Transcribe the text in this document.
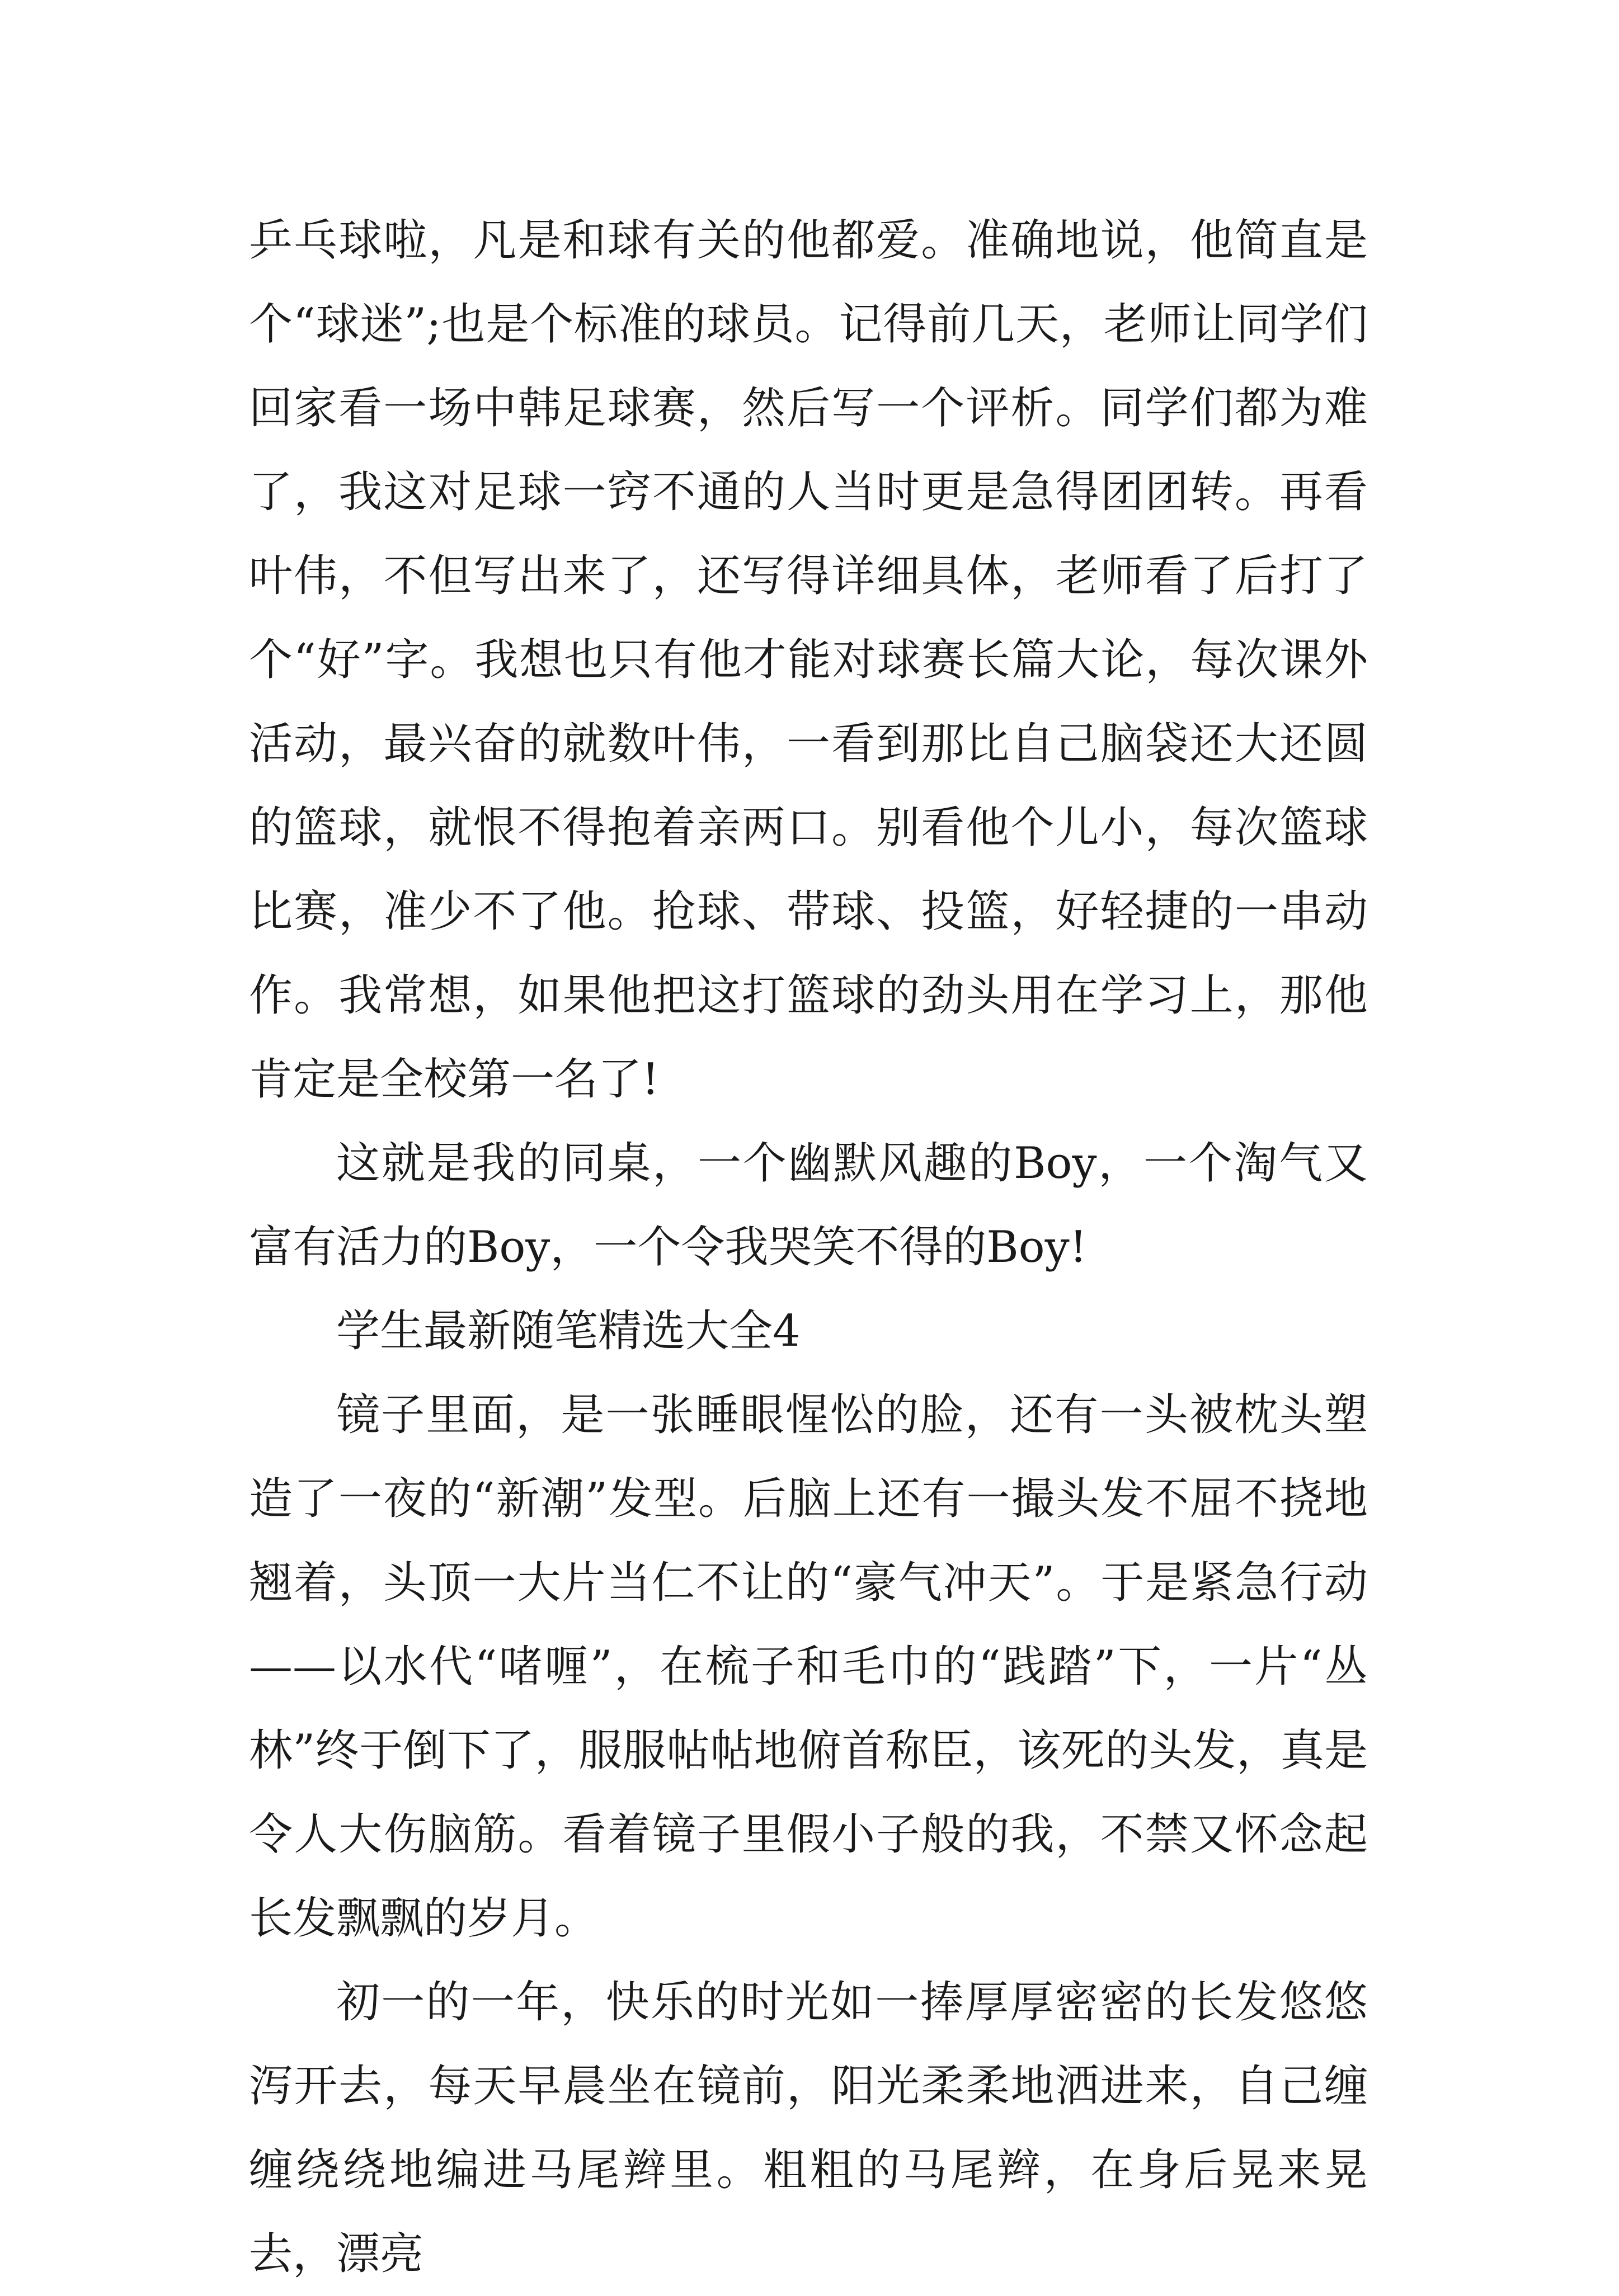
乒乓球啦，凡是和球有关的他都爱。准确地说，他简直是个“球迷”;也是个标准的球员。记得前几天，老师让同学们回家看一场中韩足球赛，然后写一个评析。同学们都为难了，我这对足球一窍不通的人当时更是急得团团转。再看叶伟，不但写出来了，还写得详细具体，老师看了后打了个“好”字。我想也只有他才能对球赛长篇大论，每次课外活动，最兴奋的就数叶伟，一看到那比自己脑袋还大还圆的篮球，就恨不得抱着亲两口。别看他个儿小，每次篮球比赛，准少不了他。抢球、带球、投篮，好轻捷的一串动作。我常想，如果他把这打篮球的劲头用在学习上，那他肯定是全校第一名了!

这就是我的同桌，一个幽默风趣的Boy，一个淘气又富有活力的Boy，一个令我哭笑不得的Boy!

学生最新随笔精选大全4

镜子里面，是一张睡眼惺忪的脸，还有一头被枕头塑造了一夜的“新潮”发型。后脑上还有一撮头发不屈不挠地翘着，头顶一大片当仁不让的“豪气冲天”。于是紧急行动——以水代“啫喱”，在梳子和毛巾的“践踏”下，一片“丛林”终于倒下了，服服帖帖地俯首称臣，该死的头发，真是令人大伤脑筋。看着镜子里假小子般的我，不禁又怀念起长发飘飘的岁月。

初一的一年，快乐的时光如一捧厚厚密密的长发悠悠泻开去，每天早晨坐在镜前，阳光柔柔地洒进来，自己缠缠绕绕地编进马尾辫里。粗粗的马尾辫，在身后晃来晃去，漂亮
